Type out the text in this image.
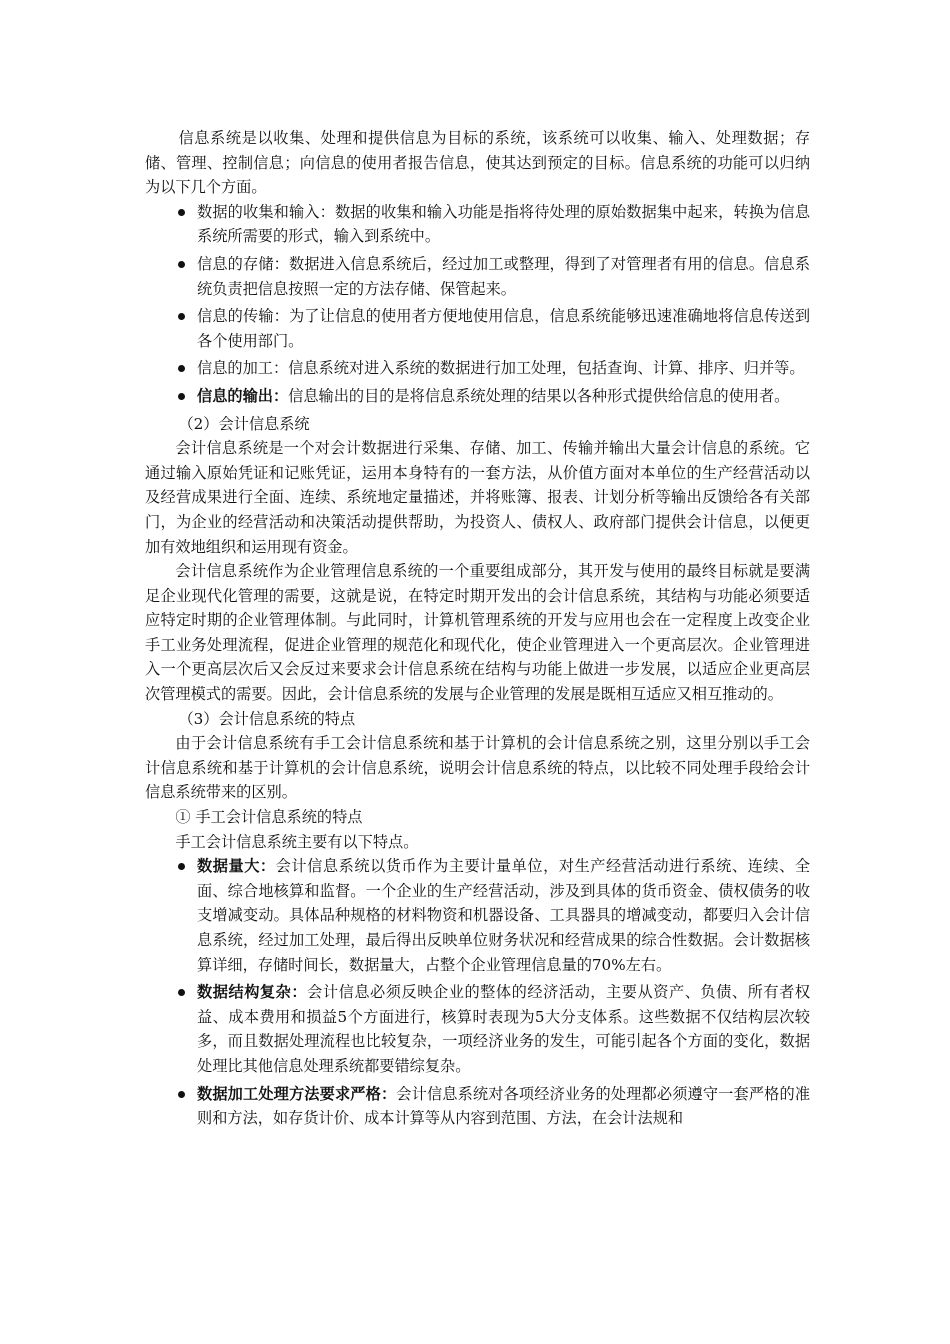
信息系统是以收集、处理和提供信息为目标的系统，该系统可以收集、输入、处理数据；存储、管理、控制信息；向信息的使用者报告信息，使其达到预定的目标。信息系统的功能可以归纳为以下几个方面。

数据的收集和输入：数据的收集和输入功能是指将待处理的原始数据集中起来，转换为信息系统所需要的形式，输入到系统中。
信息的存储：数据进入信息系统后，经过加工或整理，得到了对管理者有用的信息。信息系统负责把信息按照一定的方法存储、保管起来。
信息的传输：为了让信息的使用者方便地使用信息，信息系统能够迅速准确地将信息传送到各个使用部门。
信息的加工：信息系统对进入系统的数据进行加工处理，包括查询、计算、排序、归并等。
信息的输出：信息输出的目的是将信息系统处理的结果以各种形式提供给信息的使用者。

（2）会计信息系统

会计信息系统是一个对会计数据进行采集、存储、加工、传输并输出大量会计信息的系统。它通过输入原始凭证和记账凭证，运用本身特有的一套方法，从价值方面对本单位的生产经营活动以及经营成果进行全面、连续、系统地定量描述，并将账簿、报表、计划分析等输出反馈给各有关部门，为企业的经营活动和决策活动提供帮助，为投资人、债权人、政府部门提供会计信息，以便更加有效地组织和运用现有资金。

会计信息系统作为企业管理信息系统的一个重要组成部分，其开发与使用的最终目标就是要满足企业现代化管理的需要，这就是说，在特定时期开发出的会计信息系统，其结构与功能必须要适应特定时期的企业管理体制。与此同时，计算机管理系统的开发与应用也会在一定程度上改变企业手工业务处理流程，促进企业管理的规范化和现代化，使企业管理进入一个更高层次。企业管理进入一个更高层次后又会反过来要求会计信息系统在结构与功能上做进一步发展，以适应企业更高层次管理模式的需要。因此，会计信息系统的发展与企业管理的发展是既相互适应又相互推动的。

（3）会计信息系统的特点

由于会计信息系统有手工会计信息系统和基于计算机的会计信息系统之别，这里分别以手工会计信息系统和基于计算机的会计信息系统，说明会计信息系统的特点，以比较不同处理手段给会计信息系统带来的区别。

① 手工会计信息系统的特点

手工会计信息系统主要有以下特点。

数据量大：会计信息系统以货币作为主要计量单位，对生产经营活动进行系统、连续、全面、综合地核算和监督。一个企业的生产经营活动，涉及到具体的货币资金、债权债务的收支增减变动。具体品种规格的材料物资和机器设备、工具器具的增减变动，都要归入会计信息系统，经过加工处理，最后得出反映单位财务状况和经营成果的综合性数据。会计数据核算详细，存储时间长，数据量大，占整个企业管理信息量的70%左右。
数据结构复杂：会计信息必须反映企业的整体的经济活动，主要从资产、负债、所有者权益、成本费用和损益5个方面进行，核算时表现为5大分支体系。这些数据不仅结构层次较多，而且数据处理流程也比较复杂，一项经济业务的发生，可能引起各个方面的变化，数据处理比其他信息处理系统都要错综复杂。
数据加工处理方法要求严格：会计信息系统对各项经济业务的处理都必须遵守一套严格的准则和方法，如存货计价、成本计算等从内容到范围、方法，在会计法规和
